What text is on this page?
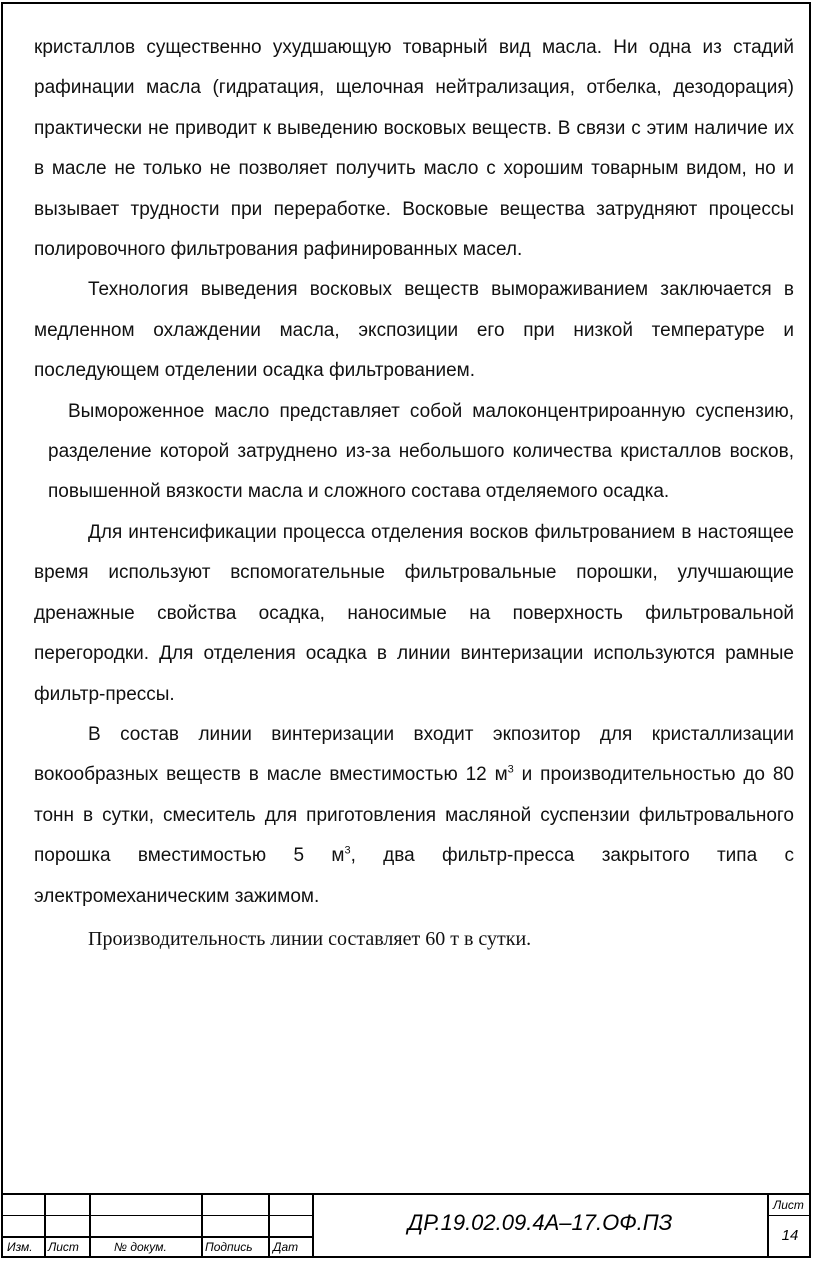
кристаллов существенно ухудшающую товарный вид масла. Ни одна из стадий рафинации масла (гидратация, щелочная нейтрализация, отбелка, дезодорация) практически не приводит к выведению восковых веществ. В связи с этим наличие их в масле не только не позволяет получить масло с хорошим товарным видом, но и вызывает трудности при переработке. Восковые вещества затрудняют процессы полировочного фильтрования рафинированных масел.

Технология выведения восковых веществ вымораживанием заключается в медленном охлаждении масла, экспозиции его при низкой температуре и последующем отделении осадка фильтрованием.

Вымороженное масло представляет собой малоконцентрироанную суспензию, разделение которой затруднено из-за небольшого количества кристаллов восков, повышенной вязкости масла и сложного состава отделяемого осадка.

Для интенсификации процесса отделения восков фильтрованием в настоящее время используют вспомогательные фильтровальные порошки, улучшающие дренажные свойства осадка, наносимые на поверхность фильтровальной перегородки. Для отделения осадка в линии винтеризации используются рамные фильтр-прессы.

В состав линии винтеризации входит экпозитор для кристаллизации вокообразных веществ в масле вместимостью 12 $м^3$ и производительностью до 80 тонн в сутки, смеситель для приготовления масляной суспензии фильтровального порошка вместимостью 5 $м^3$, два фильтр-пресса закрытого типа с электромеханическим зажимом.

Производительность линии составляет 60 т в сутки.

Изм. Лист	№ докум.	Подпись Дат
ДР.19.02.09.4А–17.ОФ.ПЗ
Лист
14
